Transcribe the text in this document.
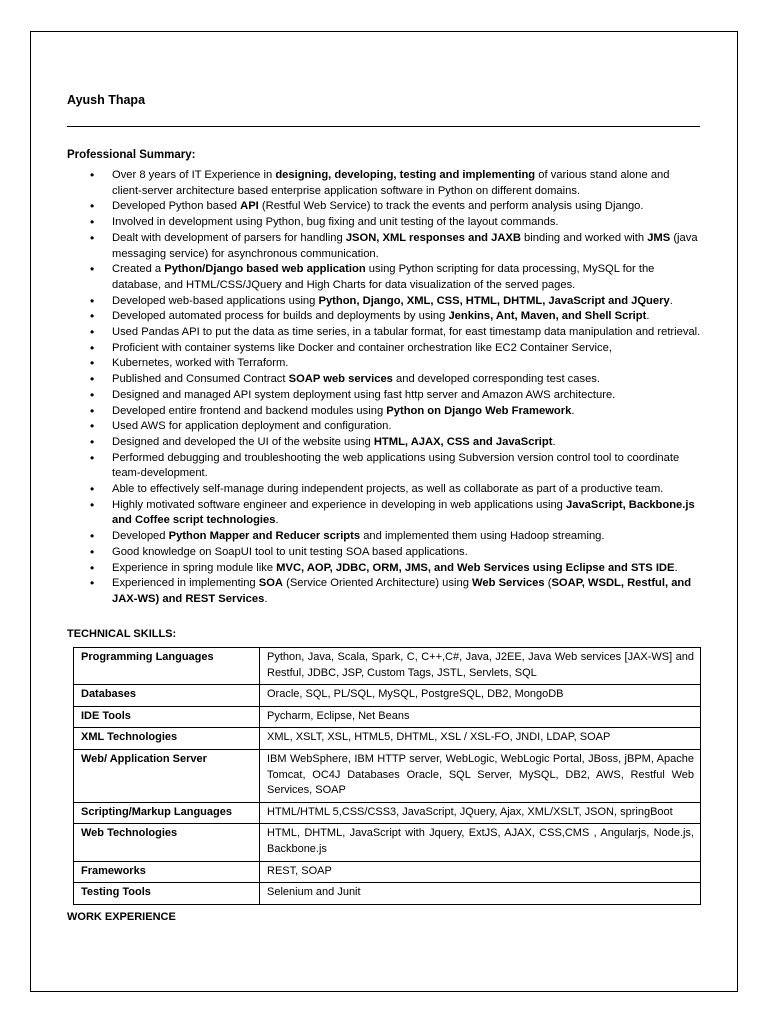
Ayush Thapa
Professional Summary:
• Over 8 years of IT Experience in designing, developing, testing and implementing of various stand alone and client-server architecture based enterprise application software in Python on different domains.
• Developed Python based API (Restful Web Service) to track the events and perform analysis using Django.
• Involved in development using Python, bug fixing and unit testing of the layout commands.
• Dealt with development of parsers for handling JSON, XML responses and JAXB binding and worked with JMS (java messaging service) for asynchronous communication.
• Created a Python/Django based web application using Python scripting for data processing, MySQL for the database, and HTML/CSS/JQuery and High Charts for data visualization of the served pages.
• Developed web-based applications using Python, Django, XML, CSS, HTML, DHTML, JavaScript and JQuery.
• Developed automated process for builds and deployments by using Jenkins, Ant, Maven, and Shell Script.
• Used Pandas API to put the data as time series, in a tabular format, for east timestamp data manipulation and retrieval.
• Proficient with container systems like Docker and container orchestration like EC2 Container Service,
• Kubernetes, worked with Terraform.
• Published and Consumed Contract SOAP web services and developed corresponding test cases.
• Designed and managed API system deployment using fast http server and Amazon AWS architecture.
• Developed entire frontend and backend modules using Python on Django Web Framework.
• Used AWS for application deployment and configuration.
• Designed and developed the UI of the website using HTML, AJAX, CSS and JavaScript.
• Performed debugging and troubleshooting the web applications using Subversion version control tool to coordinate team-development.
• Able to effectively self-manage during independent projects, as well as collaborate as part of a productive team.
• Highly motivated software engineer and experience in developing in web applications using JavaScript, Backbone.js and Coffee script technologies.
• Developed Python Mapper and Reducer scripts and implemented them using Hadoop streaming.
• Good knowledge on SoapUI tool to unit testing SOA based applications.
• Experience in spring module like MVC, AOP, JDBC, ORM, JMS, and Web Services using Eclipse and STS IDE.
• Experienced in implementing SOA (Service Oriented Architecture) using Web Services (SOAP, WSDL, Restful, and JAX-WS) and REST Services.
TECHNICAL SKILLS:
Programming Languages	Python, Java, Scala, Spark, C, C++,C#, Java, J2EE, Java Web services [JAX-WS] and Restful, JDBC, JSP, Custom Tags, JSTL, Servlets, SQL
Databases	Oracle, SQL, PL/SQL, MySQL, PostgreSQL, DB2, MongoDB
IDE Tools	Pycharm, Eclipse, Net Beans
XML Technologies	XML, XSLT, XSL, HTML5, DHTML, XSL / XSL-FO, JNDI, LDAP, SOAP
Web/ Application Server	IBM WebSphere, IBM HTTP server, WebLogic, WebLogic Portal, JBoss, jBPM, Apache Tomcat, OC4J Databases Oracle, SQL Server, MySQL, DB2, AWS, Restful Web Services, SOAP
Scripting/Markup Languages	HTML/HTML 5,CSS/CSS3, JavaScript, JQuery, Ajax, XML/XSLT, JSON, springBoot
Web Technologies	HTML, DHTML, JavaScript with Jquery, ExtJS, AJAX, CSS,CMS , Angularjs, Node.js, Backbone.js
Frameworks	REST, SOAP
Testing Tools	Selenium and Junit
WORK EXPERIENCE
